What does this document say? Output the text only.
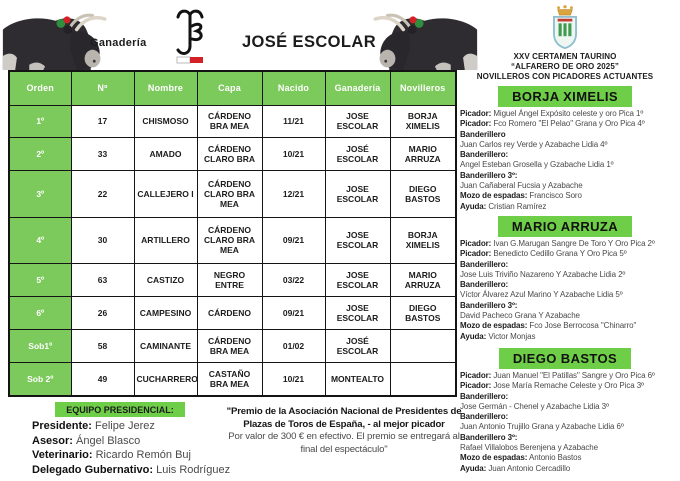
Ganadería	JOSÉ ESCOLAR
Orden	Nº	Nombre	Capa	Nacido	Ganadería	Novilleros
1º	17	CHISMOSO	CÁRDENO BRA MEA	11/21	JOSE ESCOLAR	BORJA XIMELIS
2º	33	AMADO	CÁRDENO CLARO BRA	10/21	JOSÉ ESCOLAR	MARIO ARRUZA
3º	22	CALLEJERO I	CÁRDENO CLARO BRA MEA	12/21	JOSE ESCOLAR	DIEGO BASTOS
4º	30	ARTILLERO	CÁRDENO CLARO BRA MEA	09/21	JOSE ESCOLAR	BORJA XIMELIS
5º	63	CASTIZO	NEGRO ENTRE	03/22	JOSE ESCOLAR	MARIO ARRUZA
6º	26	CAMPESINO	CÁRDENO	09/21	JOSE ESCOLAR	DIEGO BASTOS
Sob1º	58	CAMINANTE	CÁRDENO BRA MEA	01/02	JOSÉ ESCOLAR	
Sob 2º	49	CUCHARRERO	CASTAÑO BRA MEA	10/21	MONTEALTO	
XXV CERTAMEN TAURINO
“ALFARERO DE ORO 2025”
NOVILLEROS CON PICADORES ACTUANTES
BORJA XIMELIS
Picador: Miguel Ángel Expósito celeste y oro Pica 1º
Picador: Fco Romero "El Pelao" Grana y Oro Pica 4º
Banderillero
Juan Carlos rey Verde y Azabache Lidia 4º
Banderillero:
Angel Esteban Grosella y Gzabache Lidia 1º
Banderillero 3º:
Juan Cañaberal Fucsia y Azabache
Mozo de espadas: Francisco Soro
Ayuda: Cristian Ramírez
MARIO ARRUZA
Picador: Ivan G.Marugan Sangre De Toro Y Oro Pica 2º
Picador: Benedicto Cedillo Grana Y Oro Pica 5º
Banderillero:
Jose Luis Triviño Nazareno Y Azabache Lidia 2º
Banderillero:
Víctor Álvarez Azul Marino Y Azabache Lidia 5º
Banderillero 3º:
David Pacheco Grana Y Azabache
Mozo de espadas: Fco Jose Berrocosa "Chinarro"
Ayuda: Victor Monjas
DIEGO BASTOS
Picador: Juan Manuel "El Patillas" Sangre y Oro Pica 6º
Picador: Jose María Remache Celeste y Oro Pica 3º
Banderillero:
Jose Germán - Chenel y Azabache Lidia 3º
Banderillero:
Juan Antonio Trujillo Grana y Azabache Lidia 6º
Banderillero 3º:
Rafael Villalobos Berenjena y Azabache
Mozo de espadas: Antonio Bastos
Ayuda: Juan Antonio Cercadillo
EQUIPO PRESIDENCIAL:
Presidente: Felipe Jerez
Asesor: Ángel Blasco
Veterinario: Ricardo Remón Buj
Delegado Gubernativo: Luis Rodríguez
"Premio de la Asociación Nacional de Presidentes de Plazas de Toros de España, - al mejor picador
Por valor de 300 € en efectivo. El premio se entregará al final del espectáculo"
